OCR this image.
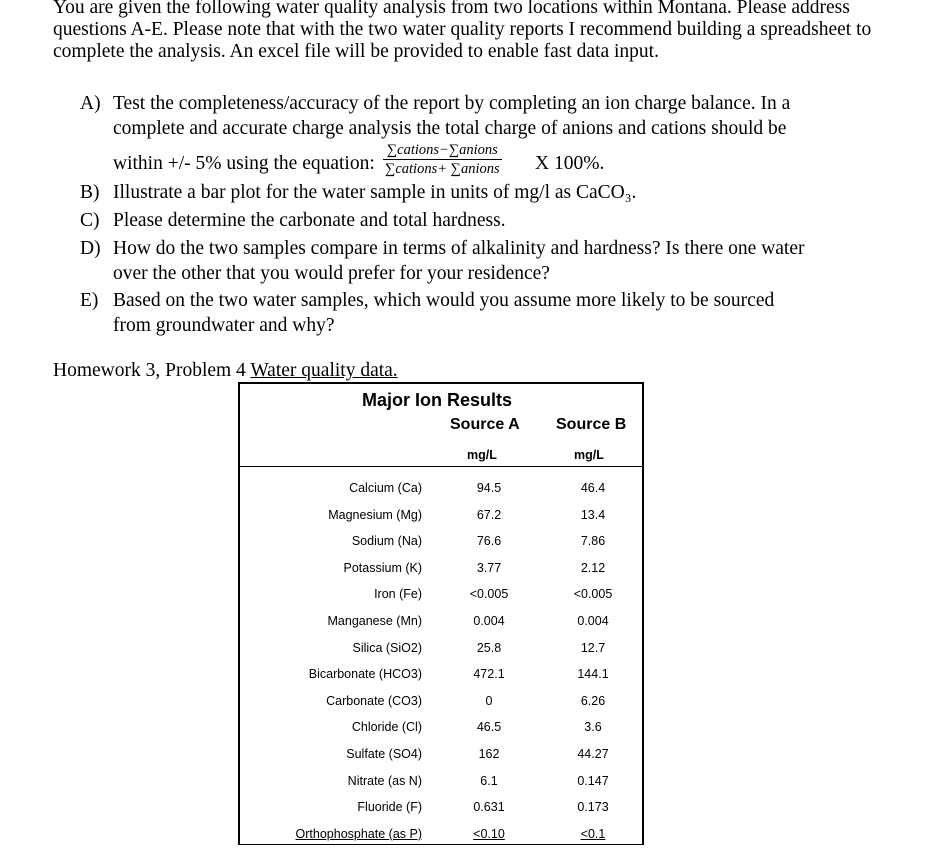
You are given the following water quality analysis from two locations within Montana. Please address questions A-E. Please note that with the two water quality reports I recommend building a spreadsheet to complete the analysis. An excel file will be provided to enable fast data input.
A) Test the completeness/accuracy of the report by completing an ion charge balance. In a
complete and accurate charge analysis the total charge of anions and cations should be
within +/- 5% using the equation:
∑cations−∑anions
∑cations+ ∑anions X 100%.
B) Illustrate a bar plot for the water sample in units of mg/l as CaCO₃.
C) Please determine the carbonate and total hardness.
D) How do the two samples compare in terms of alkalinity and hardness? Is there one water
over the other that you would prefer for your residence?
E) Based on the two water samples, which would you assume more likely to be sourced
from groundwater and why?
Homework 3, Problem 4 Water quality data.
Major Ion Results
Source A Source B
mg/L	mg/L
Calcium (Ca)	94.5	46.4
Magnesium (Mg)	67.2	13.4
Sodium (Na)	76.6	7.86
Potassium (K)	3.77	2.12
Iron (Fe)	<0.005	<0.005
Manganese (Mn)	0.004	0.004
Silica (SiO2)	25.8	12.7
Bicarbonate (HCO3)	472.1	144.1
Carbonate (CO3)	0	6.26
Chloride (Cl)	46.5	3.6
Sulfate (SO4)	162	44.27
Nitrate (as N)	6.1	0.147
Fluoride (F)	0.631	0.173
Orthophosphate (as P)	<0.10	<0.1
